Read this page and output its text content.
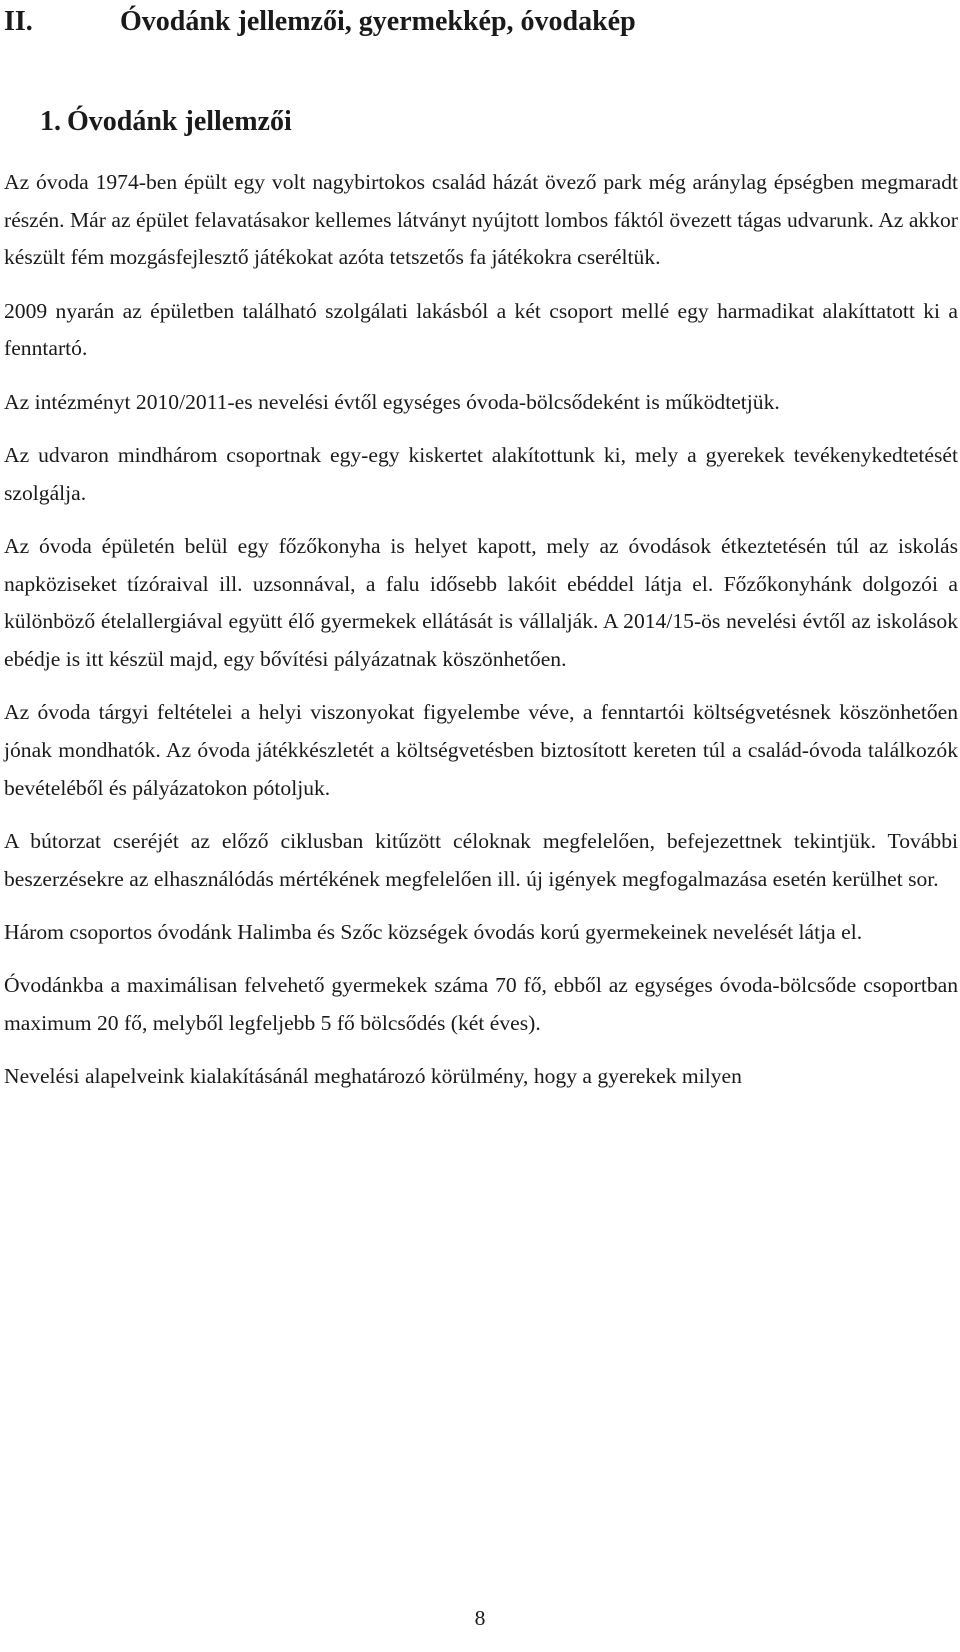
II.	Óvodánk jellemzői, gyermekkép, óvodakép
1. Óvodánk jellemzői

Az óvoda 1974-ben épült egy volt nagybirtokos család házát övező park még aránylag épségben megmaradt részén. Már az épület felavatásakor kellemes látványt nyújtott lombos fáktól övezett tágas udvarunk. Az akkor készült fém mozgásfejlesztő játékokat azóta tetszetős fa játékokra cseréltük.

2009 nyarán az épületben található szolgálati lakásból a két csoport mellé egy harmadikat alakíttatott ki a fenntartó.

Az intézményt 2010/2011-es nevelési évtől egységes óvoda-bölcsődeként is működtetjük.

Az udvaron mindhárom csoportnak egy-egy kiskertet alakítottunk ki, mely a gyerekek tevékenykedtetését szolgálja.

Az óvoda épületén belül egy főzőkonyha is helyet kapott, mely az óvodások étkeztetésén túl az iskolás napköziseket tízóraival ill. uzsonnával, a falu idősebb lakóit ebéddel látja el. Főzőkonyhánk dolgozói a különböző ételallergiával együtt élő gyermekek ellátását is vállalják. A 2014/15-ös nevelési évtől az iskolások ebédje is itt készül majd, egy bővítési pályázatnak köszönhetően.

Az óvoda tárgyi feltételei a helyi viszonyokat figyelembe véve, a fenntartói költségvetésnek köszönhetően jónak mondhatók. Az óvoda játékkészletét a költségvetésben biztosított kereten túl a család-óvoda találkozók bevételéből és pályázatokon pótoljuk.

A bútorzat cseréjét az előző ciklusban kitűzött céloknak megfelelően, befejezettnek tekintjük. További beszerzésekre az elhasználódás mértékének megfelelően ill. új igények megfogalmazása esetén kerülhet sor.

Három csoportos óvodánk Halimba és Szőc községek óvodás korú gyermekeinek nevelését látja el.

Óvodánkba a maximálisan felvehető gyermekek száma 70 fő, ebből az egységes óvoda-bölcsőde csoportban maximum 20 fő, melyből legfeljebb 5 fő bölcsődés (két éves).

Nevelési alapelveink kialakításánál meghatározó körülmény, hogy a gyerekek milyen

8
